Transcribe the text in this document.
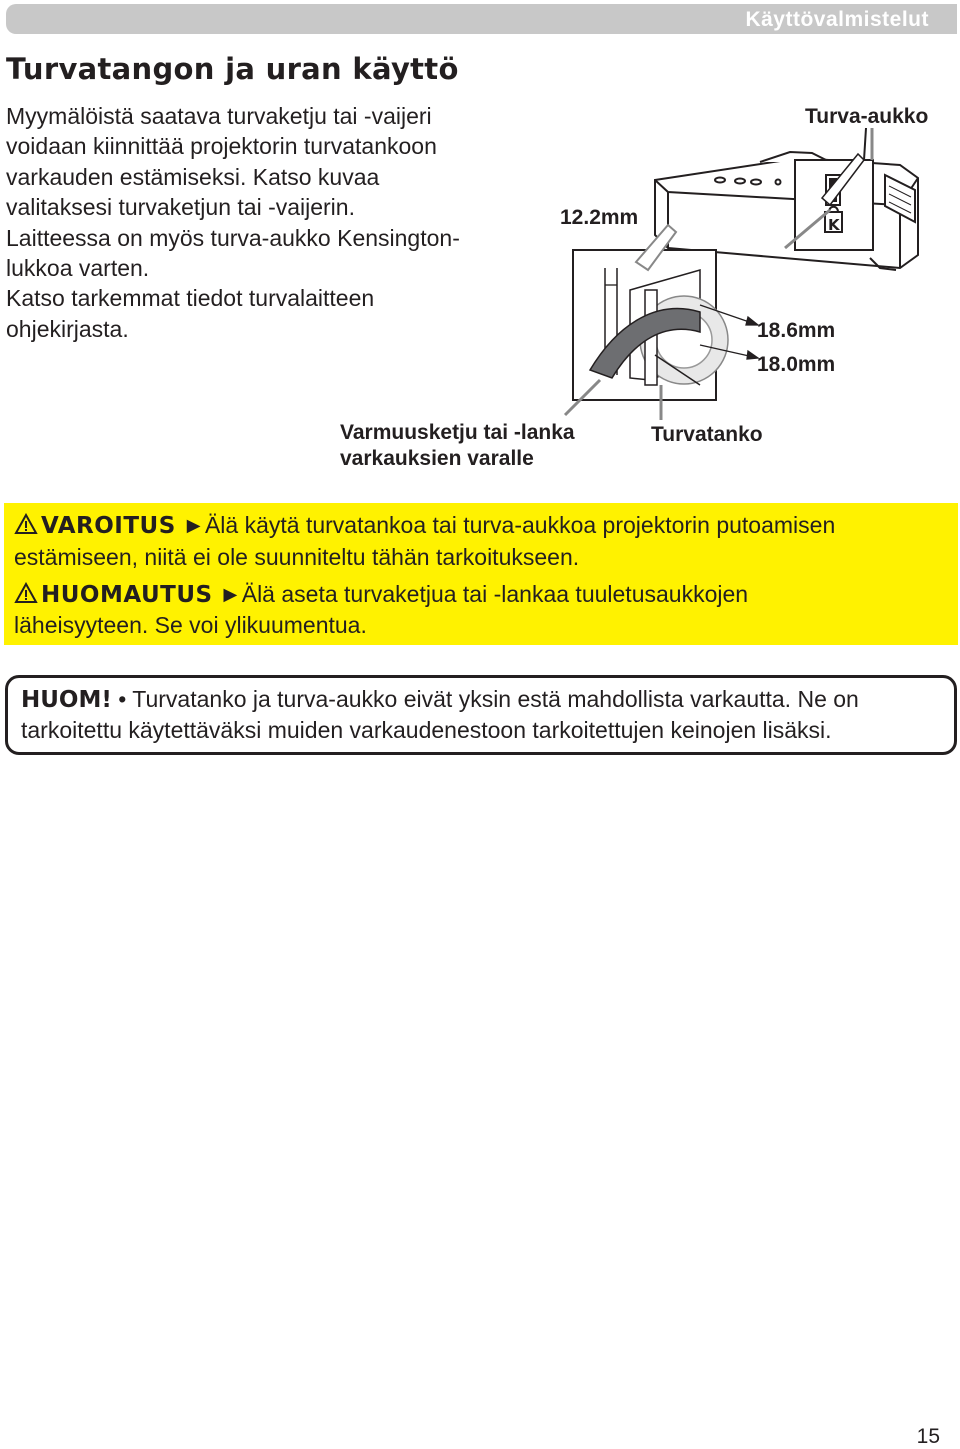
Käyttövalmistelut
Turvatangon ja uran käyttö

Myymälöistä saatava turvaketju tai -vaijeri
voidaan kiinnittää projektorin turvatankoon
varkauden estämiseksi. Katso kuvaa
valitaksesi turvaketjun tai -vaijerin.
Laitteessa on myös turva-aukko Kensington-
lukkoa varten.
Katso tarkemmat tiedot turvalaitteen
ohjekirjasta.

K
Turva-aukko
12.2mm
18.6mm
18.0mm
Varmuusketju tai -lanka
varkauksien varalle
Turvatanko
VAROITUS ►Älä käytä turvatankoa tai turva-aukkoa projektorin putoamisen
estämiseen, niitä ei ole suunniteltu tähän tarkoitukseen.
HUOMAUTUS ►Älä aseta turvaketjua tai -lankaa tuuletusaukkojen
läheisyyteen. Se voi ylikuumentua.
HUOM! • Turvatanko ja turva-aukko eivät yksin estä mahdollista varkautta. Ne on
tarkoitettu käytettäväksi muiden varkaudenestoon tarkoitettujen keinojen lisäksi.
15
